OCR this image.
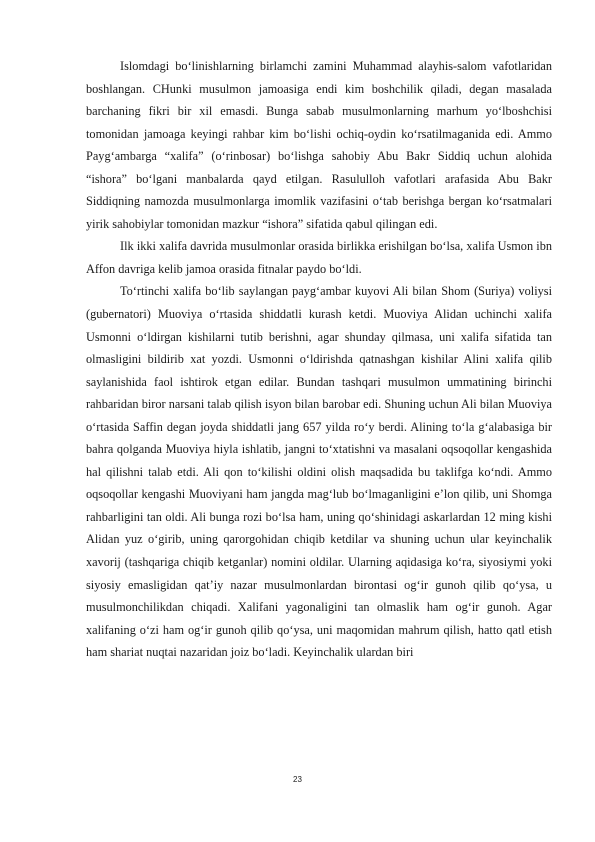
Islomdagi bo‘linishlarning birlamchi zamini Muhammad alayhis-salom vafotlaridan boshlangan. CHunki musulmon jamoasiga endi kim boshchilik qiladi, degan masalada barchaning fikri bir xil emasdi. Bunga sabab musulmonlarning marhum yo‘lboshchisi tomonidan jamoaga keyingi rahbar kim bo‘lishi ochiq-oydin ko‘rsatilmaganida edi. Ammo Payg‘ambarga “xalifa” (o‘rinbosar) bo‘lishga sahobiy Abu Bakr Siddiq uchun alohida “ishora” bo‘lgani manbalarda qayd etilgan. Rasululloh vafotlari arafasida Abu Bakr Siddiqning namozda musulmonlarga imomlik vazifasini o‘tab berishga bergan ko‘rsatmalari yirik sahobiylar tomonidan mazkur “ishora” sifatida qabul qilingan edi.

Ilk ikki xalifa davrida musulmonlar orasida birlikka erishilgan bo‘lsa, xalifa Usmon ibn Affon davriga kelib jamoa orasida fitnalar paydo bo‘ldi.

To‘rtinchi xalifa bo‘lib saylangan payg‘ambar kuyovi Ali bilan Shom (Suriya) voliysi (gubernatori) Muoviya o‘rtasida shiddatli kurash ketdi. Muoviya Alidan uchinchi xalifa Usmonni o‘ldirgan kishilarni tutib berishni, agar shunday qilmasa, uni xalifa sifatida tan olmasligini bildirib xat yozdi. Usmonni o‘ldirishda qatnashgan kishilar Alini xalifa qilib saylanishida faol ishtirok etgan edilar. Bundan tashqari musulmon ummatining birinchi rahbaridan biror narsani talab qilish isyon bilan barobar edi. Shuning uchun Ali bilan Muoviya o‘rtasida Saffin degan joyda shiddatli jang 657 yilda ro‘y berdi. Alining to‘la g‘alabasiga bir bahra qolganda Muoviya hiyla ishlatib, jangni to‘xtatishni va masalani oqsoqollar kengashida hal qilishni talab etdi. Ali qon to‘kilishi oldini olish maqsadida bu taklifga ko‘ndi. Ammo oqsoqollar kengashi Muoviyani ham jangda mag‘lub bo‘lmaganligini e’lon qilib, uni Shomga rahbarligini tan oldi. Ali bunga rozi bo‘lsa ham, uning qo‘shinidagi askarlardan 12 ming kishi Alidan yuz o‘girib, uning qarorgohidan chiqib ketdilar va shuning uchun ular keyinchalik xavorij (tashqariga chiqib ketganlar) nomini oldilar. Ularning aqidasiga ko‘ra, siyosiymi yoki siyosiy emasligidan qat’iy nazar musulmonlardan birontasi og‘ir gunoh qilib qo‘ysa, u musulmonchilikdan chiqadi. Xalifani yagonaligini tan olmaslik ham og‘ir gunoh. Agar xalifaning o‘zi ham og‘ir gunoh qilib qo‘ysa, uni maqomidan mahrum qilish, hatto qatl etish ham shariat nuqtai nazaridan joiz bo‘ladi. Keyinchalik ulardan biri

23
